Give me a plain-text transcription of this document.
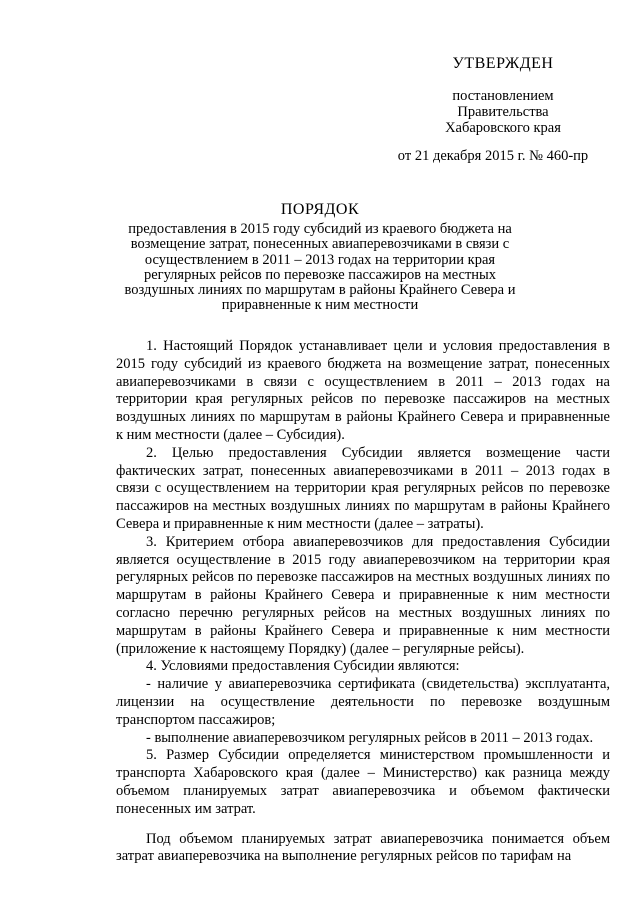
УТВЕРЖДЕН
постановлением
Правительства
Хабаровского края
от 21 декабря 2015 г. № 460-пр
ПОРЯДОК
предоставления в 2015 году субсидий из краевого бюджета на возмещение затрат, понесенных авиаперевозчиками в связи с осуществлением в 2011 – 2013 годах на территории края регулярных рейсов по перевозке пассажиров на местных воздушных линиях по маршрутам в районы Крайнего Севера и приравненные к ним местности

1. Настоящий Порядок устанавливает цели и условия предоставления в 2015 году субсидий из краевого бюджета на возмещение затрат, понесенных авиаперевозчиками в связи с осуществлением в 2011 – 2013 годах на территории края регулярных рейсов по перевозке пассажиров на местных воздушных линиях по маршрутам в районы Крайнего Севера и приравненные к ним местности (далее – Субсидия).

2. Целью предоставления Субсидии является возмещение части фактических затрат, понесенных авиаперевозчиками в 2011 – 2013 годах в связи с осуществлением на территории края регулярных рейсов по перевозке пассажиров на местных воздушных линиях по маршрутам в районы Крайнего Севера и приравненные к ним местности (далее – затраты).

3. Критерием отбора авиаперевозчиков для предоставления Субсидии является осуществление в 2015 году авиаперевозчиком на территории края регулярных рейсов по перевозке пассажиров на местных воздушных линиях по маршрутам в районы Крайнего Севера и приравненные к ним местности согласно перечню регулярных рейсов на местных воздушных линиях по маршрутам в районы Крайнего Севера и приравненные к ним местности (приложение к настоящему Порядку) (далее – регулярные рейсы).

4. Условиями предоставления Субсидии являются:

- наличие у авиаперевозчика сертификата (свидетельства) эксплуатанта, лицензии на осуществление деятельности по перевозке воздушным транспортом пассажиров;

- выполнение авиаперевозчиком регулярных рейсов в 2011 – 2013 годах.

5. Размер Субсидии определяется министерством промышленности и транспорта Хабаровского края (далее – Министерство) как разница между объемом планируемых затрат авиаперевозчика и объемом фактически понесенных им затрат.

Под объемом планируемых затрат авиаперевозчика понимается объем затрат авиаперевозчика на выполнение регулярных рейсов по тарифам на
